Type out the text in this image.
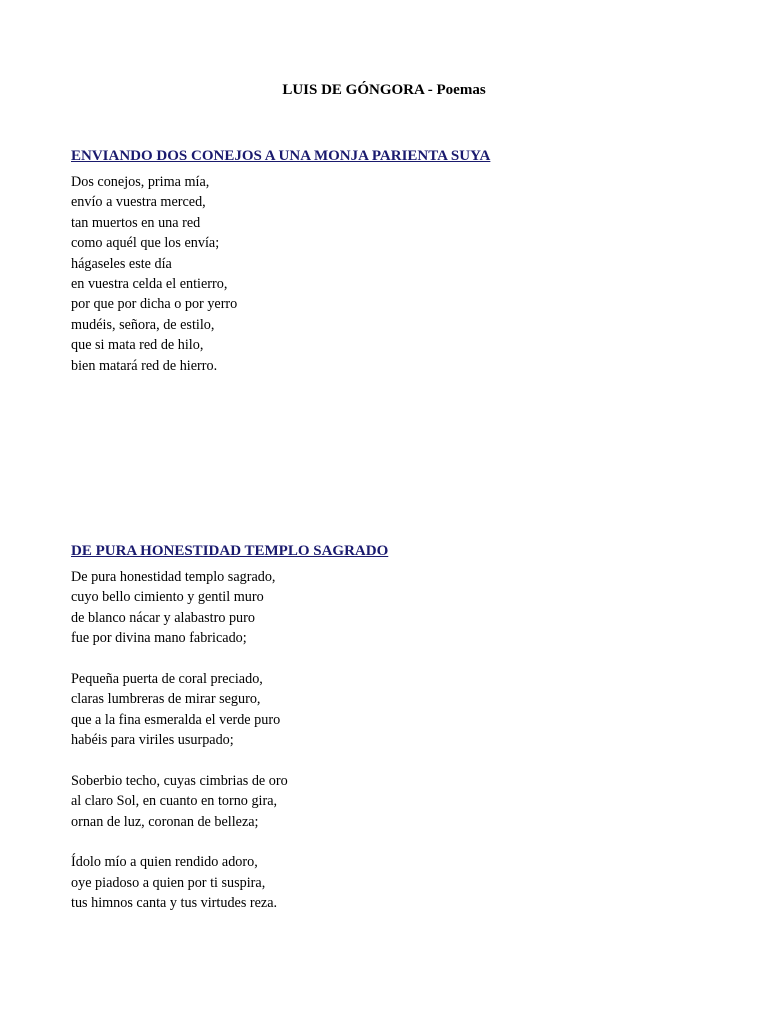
LUIS DE GÓNGORA - Poemas
ENVIANDO DOS CONEJOS A UNA MONJA PARIENTA SUYA
Dos conejos, prima mía,
envío a vuestra merced,
tan muertos en una red
como aquél que los envía;
hágaseles este día
en vuestra celda el entierro,
por que por dicha o por yerro
mudéis, señora, de estilo,
que si mata red de hilo,
bien matará red de hierro.
DE PURA HONESTIDAD TEMPLO SAGRADO
De pura honestidad templo sagrado,
cuyo bello cimiento y gentil muro
de blanco nácar y alabastro puro
fue por divina mano fabricado;
Pequeña puerta de coral preciado,
claras lumbreras de mirar seguro,
que a la fina esmeralda el verde puro
habéis para viriles usurpado;
Soberbio techo, cuyas cimbrias de oro
al claro Sol, en cuanto en torno gira,
ornan de luz, coronan de belleza;
Ídolo mío a quien rendido adoro,
oye piadoso a quien por ti suspira,
tus himnos canta y tus virtudes reza.
